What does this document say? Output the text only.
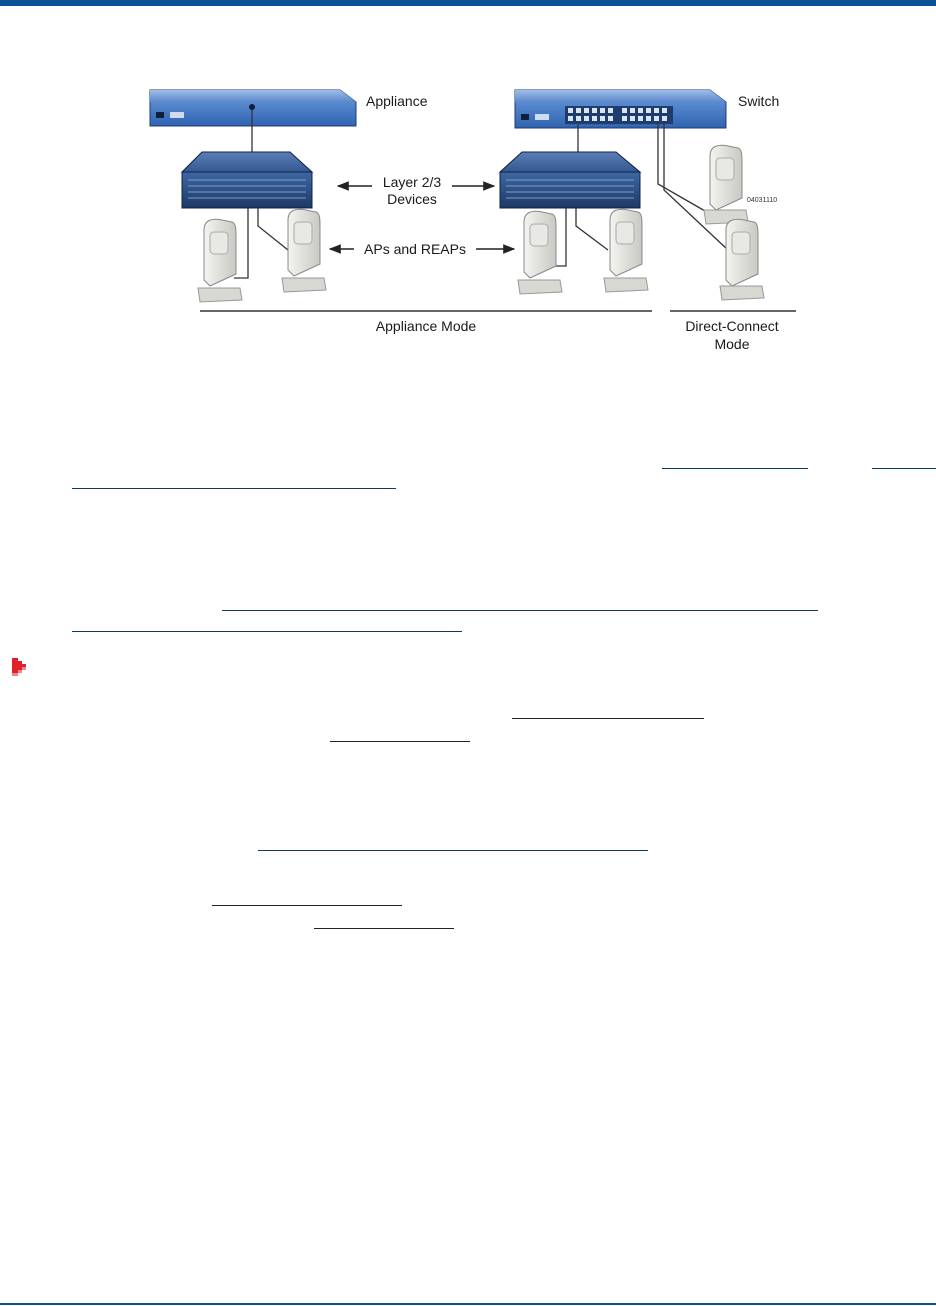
Appliance	Switch
Layer 2/3
Devices
APs and REAPs
Appliance Mode	Direct-Connect
Mode
04031110
